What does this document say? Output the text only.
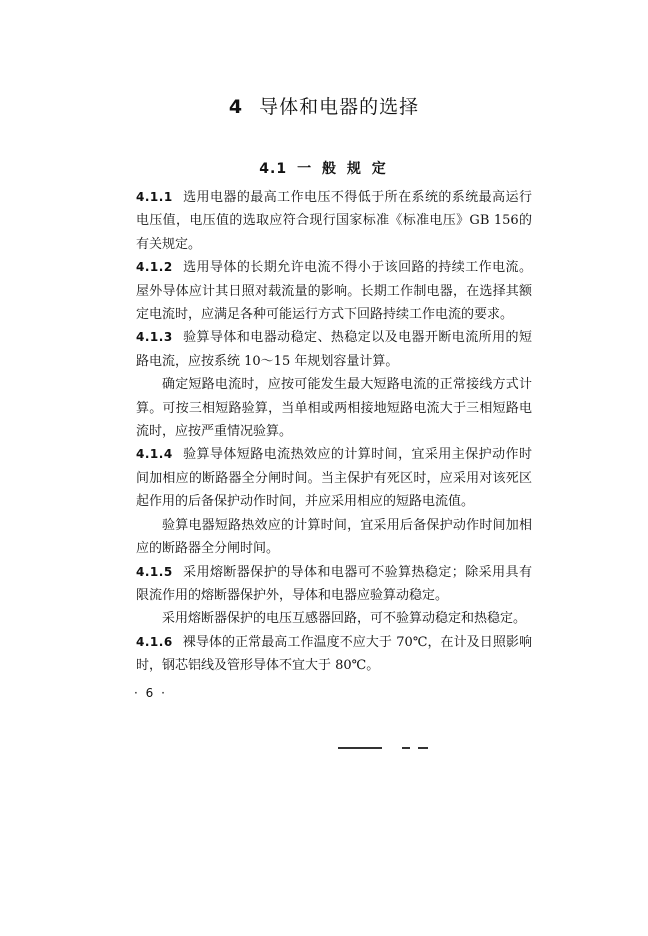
4 导体和电器的选择
4.1 一 般 规 定

4.1.1 选用电器的最高工作电压不得低于所在系统的系统最高运行电压值，电压值的选取应符合现行国家标准《标准电压》GB 156的有关规定。

4.1.2 选用导体的长期允许电流不得小于该回路的持续工作电流。屋外导体应计其日照对载流量的影响。长期工作制电器，在选择其额定电流时，应满足各种可能运行方式下回路持续工作电流的要求。

4.1.3 验算导体和电器动稳定、热稳定以及电器开断电流所用的短路电流，应按系统 10～15 年规划容量计算。

确定短路电流时，应按可能发生最大短路电流的正常接线方式计算。可按三相短路验算，当单相或两相接地短路电流大于三相短路电流时，应按严重情况验算。

4.1.4 验算导体短路电流热效应的计算时间，宜采用主保护动作时间加相应的断路器全分闸时间。当主保护有死区时，应采用对该死区起作用的后备保护动作时间，并应采用相应的短路电流值。

验算电器短路热效应的计算时间，宜采用后备保护动作时间加相应的断路器全分闸时间。

4.1.5 采用熔断器保护的导体和电器可不验算热稳定；除采用具有限流作用的熔断器保护外，导体和电器应验算动稳定。

采用熔断器保护的电压互感器回路，可不验算动稳定和热稳定。

4.1.6 裸导体的正常最高工作温度不应大于 70℃，在计及日照影响时，钢芯铝线及管形导体不宜大于 80℃。

· 6 ·
